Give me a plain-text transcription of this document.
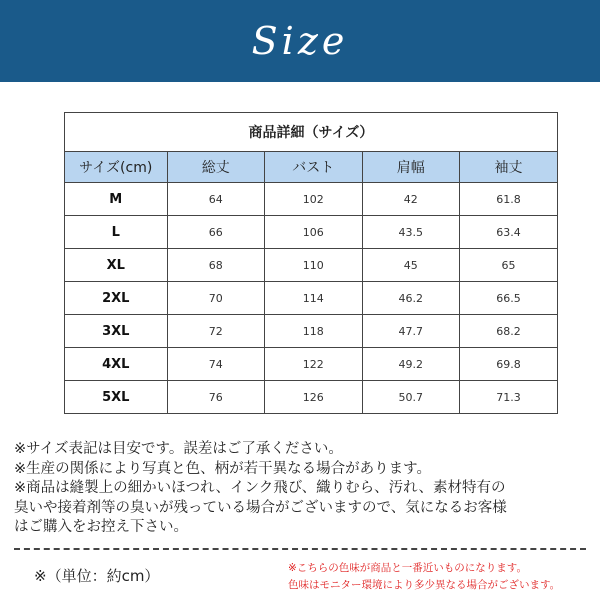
Size
商品詳細（サイズ）
サイズ(cm)	総丈	バスト	肩幅	袖丈
M	64	102	42	61.8
L	66	106	43.5	63.4
XL	68	110	45	65
2XL	70	114	46.2	66.5
3XL	72	118	47.7	68.2
4XL	74	122	49.2	69.8
5XL	76	126	50.7	71.3
※サイズ表記は目安です。誤差はご了承ください。
※生産の関係により写真と色、柄が若干異なる場合があります。
※商品は縫製上の細かいほつれ、インク飛び、織りむら、汚れ、素材特有の
臭いや接着剤等の臭いが残っている場合がございますので、気になるお客様
はご購入をお控え下さい。
※（単位：約cm）	※こちらの色味が商品と一番近いものになります。
色味はモニター環境により多少異なる場合がございます。
